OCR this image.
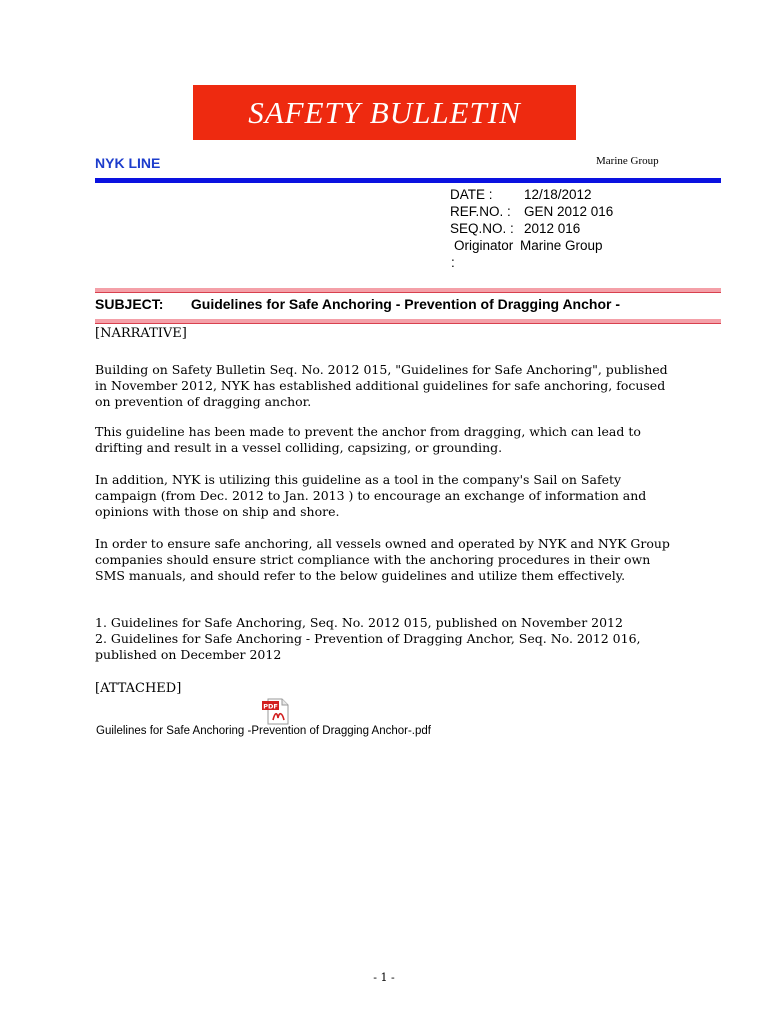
SAFETY BULLETIN
NYK LINE	Marine Group
DATE :	12/18/2012
REF.NO. : GEN 2012 016
SEQ.NO. : 2012 016
Originator Marine Group
:
SUBJECT: Guidelines for Safe Anchoring - Prevention of Dragging Anchor -
[NARRATIVE]

Building on Safety Bulletin Seq. No. 2012 015, "Guidelines for Safe Anchoring", published in November 2012, NYK has established additional guidelines for safe anchoring, focused on prevention of dragging anchor.

This guideline has been made to prevent the anchor from dragging, which can lead to drifting and result in a vessel colliding, capsizing, or grounding.

In addition, NYK is utilizing this guideline as a tool in the company's Sail on Safety campaign (from Dec. 2012 to Jan. 2013 ) to encourage an exchange of information and opinions with those on ship and shore.

In order to ensure safe anchoring, all vessels owned and operated by NYK and NYK Group companies should ensure strict compliance with the anchoring procedures in their own SMS manuals, and should refer to the below guidelines and utilize them effectively.

1. Guidelines for Safe Anchoring, Seq. No. 2012 015, published on November 2012

2. Guidelines for Safe Anchoring - Prevention of Dragging Anchor, Seq. No. 2012 016, published on December 2012

[ATTACHED]
PDF
Guilelines for Safe Anchoring -Prevention of Dragging Anchor-.pdf
- 1 -
